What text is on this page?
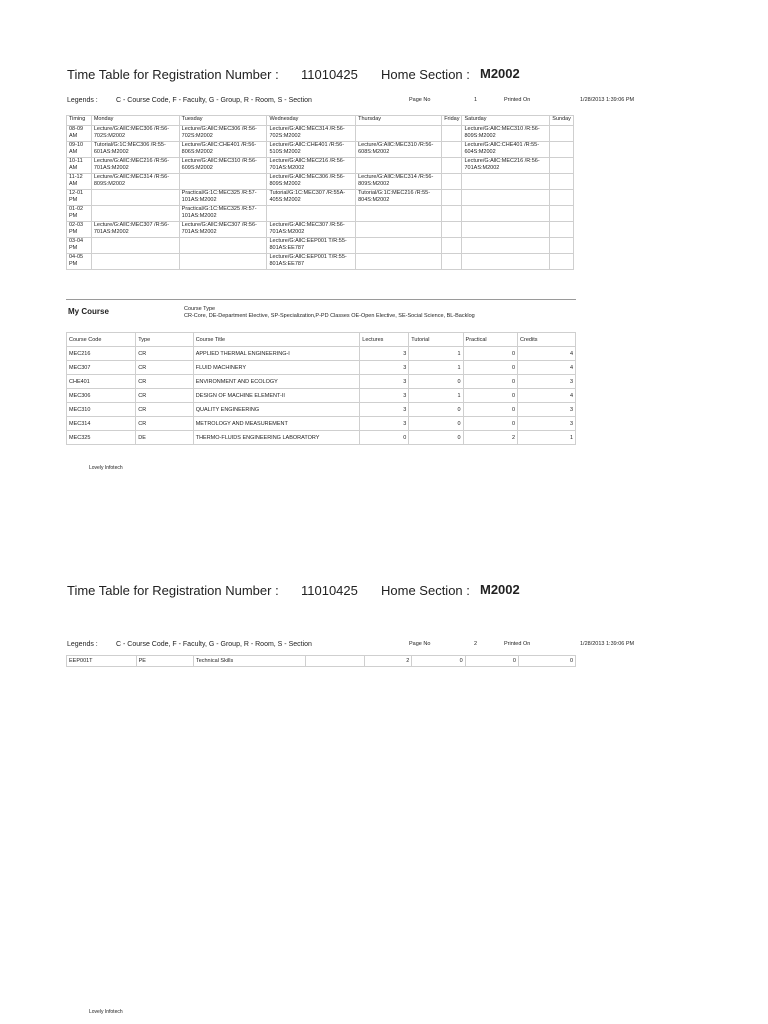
Time Table for Registration Number : 11010425 Home Section : M2002
Legends :	C - Course Code, F - Faculty, G - Group, R - Room, S - Section	Page No	1	Printed On	1/28/2013 1:39:06 PM
Timing	Monday	Tuesday	Wednesday	Thursday	Friday	Saturday	Sunday
08-09 AM	Lecture/G:AllC:MEC306 /R:56-702S:M2002	Lecture/G:AllC:MEC306 /R:56-702S:M2002	Lecture/G:AllC:MEC314 /R:56-702S:M2002			Lecture/G:AllC:MEC310 /R:56-809S:M2002	
09-10 AM	Tutorial/G:1C:MEC306 /R:55-601AS:M2002	Lecture/G:AllC:CHE401 /R:56-806S:M2002	Lecture/G:AllC:CHE401 /R:56-510S:M2002	Lecture/G:AllC:MEC310 /R:56-608S:M2002		Lecture/G:AllC:CHE401 /R:55-604S:M2002	
10-11 AM	Lecture/G:AllC:MEC216 /R:56-701AS:M2002	Lecture/G:AllC:MEC310 /R:56-609S:M2002	Lecture/G:AllC:MEC216 /R:56-701AS:M2002			Lecture/G:AllC:MEC216 /R:56-701AS:M2002	
11-12 AM	Lecture/G:AllC:MEC314 /R:56-809S:M2002		Lecture/G:AllC:MEC306 /R:56-809S:M2002	Lecture/G:AllC:MEC314 /R:56-809S:M2002			
12-01 PM		Practical/G:1C:MEC325 /R:57-101AS:M2002	Tutorial/G:1C:MEC307 /R:55A-405S:M2002	Tutorial/G:1C:MEC216 /R:55-804S:M2002			
01-02 PM		Practical/G:1C:MEC325 /R:57-101AS:M2002					
02-03 PM	Lecture/G:AllC:MEC307 /R:56-701AS:M2002	Lecture/G:AllC:MEC307 /R:56-701AS:M2002	Lecture/G:AllC:MEC307 /R:56-701AS:M2002				
03-04 PM			Lecture/G:AllC:EEP001 T/R:55-801AS:EE787				
04-05 PM			Lecture/G:AllC:EEP001 T/R:55-801AS:EE787				
My Course	Course Type
CR-Core, DE-Department Elective, SP-Specialization,P-PD Classes OE-Open Elective, SE-Social Science, BL-Backlog
Course Code	Type	Course Title	Lectures	Tutorial	Practical	Credits
MEC216	CR	APPLIED THERMAL ENGINEERING-I	3	1	0	4
MEC307	CR	FLUID MACHINERY	3	1	0	4
CHE401	CR	ENVIRONMENT AND ECOLOGY	3	0	0	3
MEC306	CR	DESIGN OF MACHINE ELEMENT-II	3	1	0	4
MEC310	CR	QUALITY ENGINEERING	3	0	0	3
MEC314	CR	METROLOGY AND MEASUREMENT	3	0	0	3
MEC325	DE	THERMO-FLUIDS ENGINEERING LABORATORY	0	0	2	1
Lovely Infotech
Time Table for Registration Number : 11010425 Home Section : M2002
Legends :	C - Course Code, F - Faculty, G - Group, R - Room, S - Section	Page No	2	Printed On	1/28/2013 1:39:06 PM
Lovely Infotech
EEP001T	PE	Technical Skills		2	0	0	0
